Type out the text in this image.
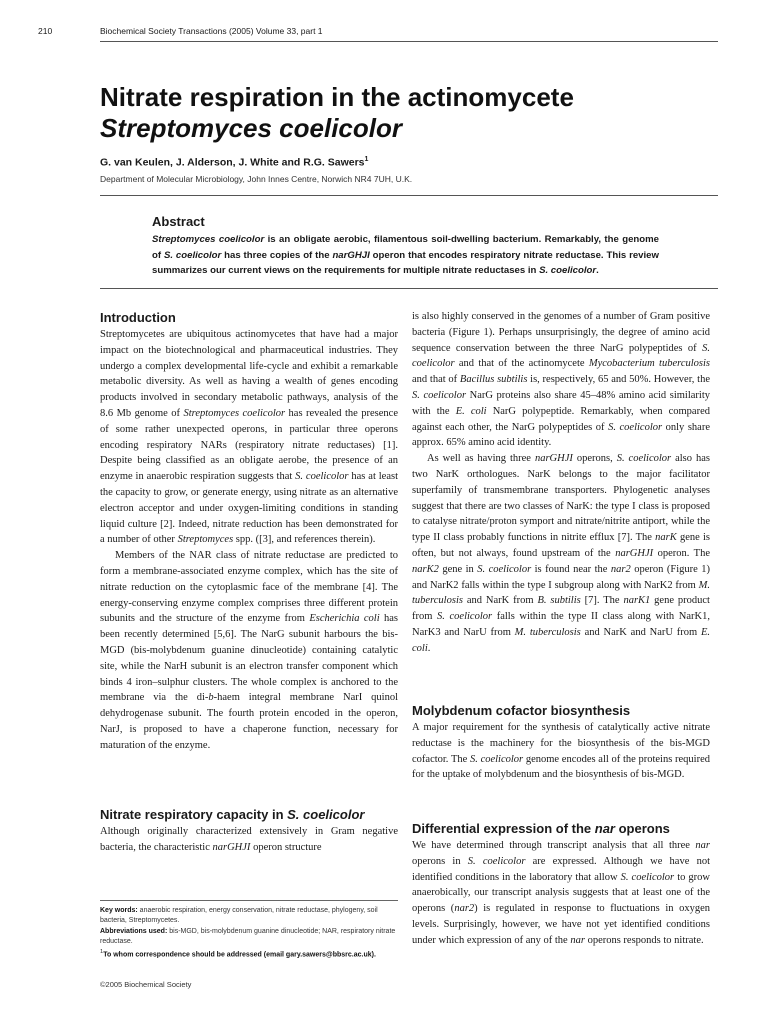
210	Biochemical Society Transactions (2005) Volume 33, part 1
Nitrate respiration in the actinomycete
Streptomyces coelicolor
G. van Keulen, J. Alderson, J. White and R.G. Sawers$^1$
Department of Molecular Microbiology, John Innes Centre, Norwich NR4 7UH, U.K.
Abstract

Streptomyces coelicolor is an obligate aerobic, filamentous soil-dwelling bacterium. Remarkably, the genome of S. coelicolor has three copies of the narGHJI operon that encodes respiratory nitrate reductase. This review summarizes our current views on the requirements for multiple nitrate reductases in S. coelicolor.

Introduction

Streptomycetes are ubiquitous actinomycetes that have had a major impact on the biotechnological and pharmaceutical industries. They undergo a complex developmental life-cycle and exhibit a remarkable metabolic diversity. As well as having a wealth of genes encoding products involved in secondary metabolic pathways, analysis of the 8.6 Mb genome of Streptomyces coelicolor has revealed the presence of some rather unexpected operons, in particular three operons encoding respiratory NARs (respiratory nitrate reductases) [1]. Despite being classified as an obligate aerobe, the presence of an enzyme in anaerobic respiration suggests that S. coelicolor has at least the capacity to grow, or generate energy, using nitrate as an alternative electron acceptor and under oxygen-limiting conditions in standing liquid culture [2]. Indeed, nitrate reduction has been demonstrated for a number of other Streptomyces spp. ([3], and references therein).

Members of the NAR class of nitrate reductase are predicted to form a membrane-associated enzyme complex, which has the site of nitrate reduction on the cytoplasmic face of the membrane [4]. The energy-conserving enzyme complex comprises three different protein subunits and the structure of the enzyme from Escherichia coli has been recently determined [5,6]. The NarG subunit harbours the bis-MGD (bis-molybdenum guanine dinucleotide) containing catalytic site, while the NarH subunit is an electron transfer component which binds 4 iron–sulphur clusters. The whole complex is anchored to the membrane via the di-b-haem integral membrane NarI quinol dehydrogenase subunit. The fourth protein encoded in the operon, NarJ, is proposed to have a chaperone function, necessary for maturation of the enzyme.

Nitrate respiratory capacity in S. coelicolor

Although originally characterized extensively in Gram negative bacteria, the characteristic narGHJI operon structure

Key words: anaerobic respiration, energy conservation, nitrate reductase, phylogeny, soil bacteria, Streptomycetes.
Abbreviations used: bis-MGD, bis-molybdenum guanine dinucleotide; NAR, respiratory nitrate reductase.
$^1$To whom correspondence should be addressed (email gary.sawers@bbsrc.ac.uk).
©2005 Biochemical Society

is also highly conserved in the genomes of a number of Gram positive bacteria (Figure 1). Perhaps unsurprisingly, the degree of amino acid sequence conservation between the three NarG polypeptides of S. coelicolor and that of the actinomycete Mycobacterium tuberculosis and that of Bacillus subtilis is, respectively, 65 and 50%. However, the S. coelicolor NarG proteins also share 45–48% amino acid similarity with the E. coli NarG polypeptide. Remarkably, when compared against each other, the NarG polypeptides of S. coelicolor only share approx. 65% amino acid identity.

As well as having three narGHJI operons, S. coelicolor also has two NarK orthologues. NarK belongs to the major facilitator superfamily of transmembrane transporters. Phylogenetic analyses suggest that there are two classes of NarK: the type I class is proposed to catalyse nitrate/proton symport and nitrate/nitrite antiport, while the type II class probably functions in nitrite efflux [7]. The narK gene is often, but not always, found upstream of the narGHJI operon. The narK2 gene in S. coelicolor is found near the nar2 operon (Figure 1) and NarK2 falls within the type I subgroup along with NarK2 from M. tuberculosis and NarK from B. subtilis [7]. The narK1 gene product from S. coelicolor falls within the type II class along with NarK1, NarK3 and NarU from M. tuberculosis and NarK and NarU from E. coli.

Molybdenum cofactor biosynthesis

A major requirement for the synthesis of catalytically active nitrate reductase is the machinery for the biosynthesis of the bis-MGD cofactor. The S. coelicolor genome encodes all of the proteins required for the uptake of molybdenum and the biosynthesis of bis-MGD.

Differential expression of the nar operons

We have determined through transcript analysis that all three nar operons in S. coelicolor are expressed. Although we have not identified conditions in the laboratory that allow S. coelicolor to grow anaerobically, our transcript analysis suggests that at least one of the operons (nar2) is regulated in response to fluctuations in oxygen levels. Surprisingly, however, we have not yet identified conditions under which expression of any of the nar operons responds to nitrate.
